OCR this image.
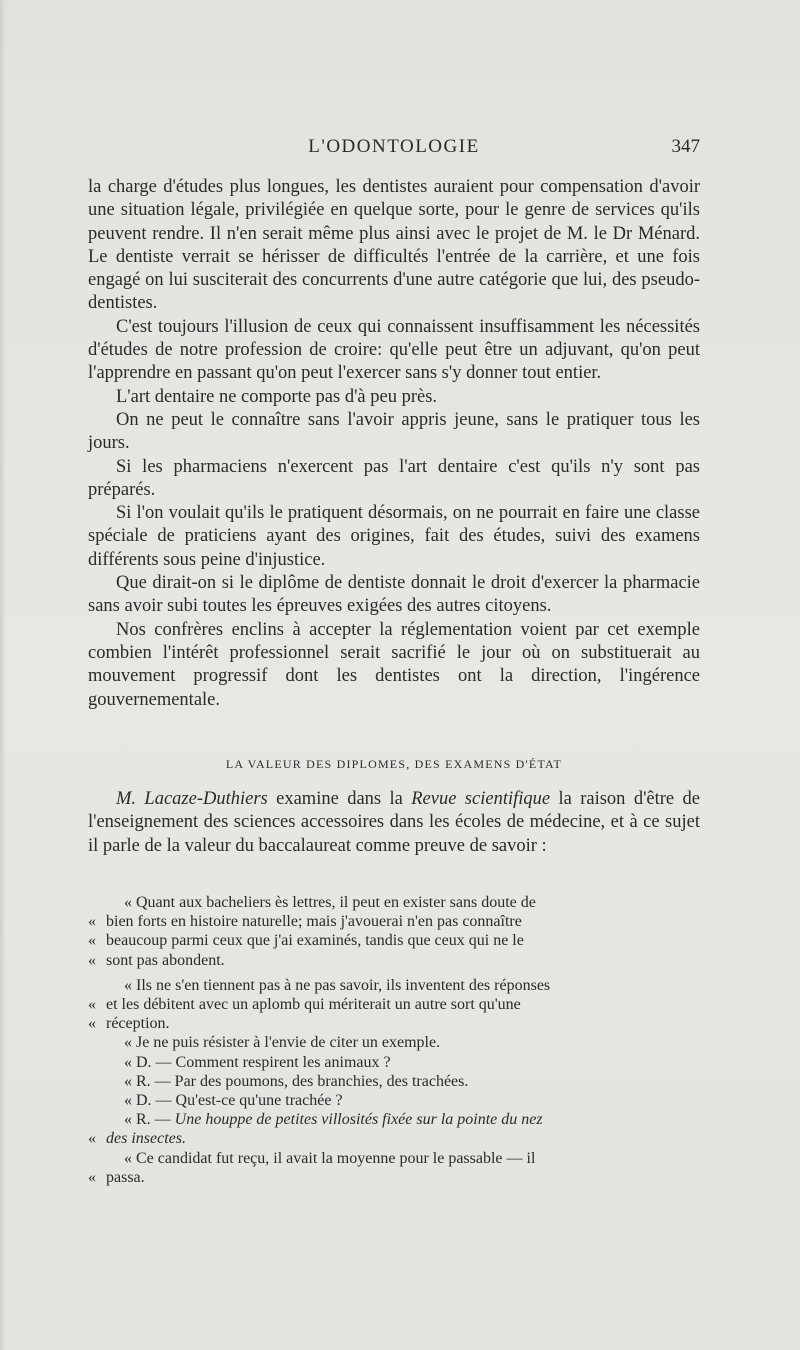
L'ODONTOLOGIE	347

la charge d'études plus longues, les dentistes auraient pour compensation d'avoir une situation légale, privilégiée en quelque sorte, pour le genre de services qu'ils peuvent rendre. Il n'en serait même plus ainsi avec le projet de M. le Dr Ménard. Le dentiste verrait se hérisser de difficultés l'entrée de la carrière, et une fois engagé on lui susciterait des concurrents d'une autre catégorie que lui, des pseudo-dentistes.

C'est toujours l'illusion de ceux qui connaissent insuffisamment les nécessités d'études de notre profession de croire: qu'elle peut être un adjuvant, qu'on peut l'apprendre en passant qu'on peut l'exercer sans s'y donner tout entier.

L'art dentaire ne comporte pas d'à peu près.

On ne peut le connaître sans l'avoir appris jeune, sans le pratiquer tous les jours.

Si les pharmaciens n'exercent pas l'art dentaire c'est qu'ils n'y sont pas préparés.

Si l'on voulait qu'ils le pratiquent désormais, on ne pourrait en faire une classe spéciale de praticiens ayant des origines, fait des études, suivi des examens différents sous peine d'injustice.

Que dirait-on si le diplôme de dentiste donnait le droit d'exercer la pharmacie sans avoir subi toutes les épreuves exigées des autres citoyens.

Nos confrères enclins à accepter la réglementation voient par cet exemple combien l'intérêt professionnel serait sacrifié le jour où on substituerait au mouvement progressif dont les dentistes ont la direction, l'ingérence gouvernementale.

LA VALEUR DES DIPLOMES, DES EXAMENS D'ÉTAT

M. Lacaze-Duthiers examine dans la Revue scientifique la raison d'être de l'enseignement des sciences accessoires dans les écoles de médecine, et à ce sujet il parle de la valeur du baccalaureat comme preuve de savoir :

« Quant aux bacheliers ès lettres, il peut en exister sans doute de
« bien forts en histoire naturelle; mais j'avouerai n'en pas connaître
« beaucoup parmi ceux que j'ai examinés, tandis que ceux qui ne le
« sont pas abondent.
« Ils ne s'en tiennent pas à ne pas savoir, ils inventent des réponses
« et les débitent avec un aplomb qui mériterait un autre sort qu'une
« réception.
« Je ne puis résister à l'envie de citer un exemple.
« D. — Comment respirent les animaux ?
« R. — Par des poumons, des branchies, des trachées.
« D. — Qu'est-ce qu'une trachée ?
« R. — Une houppe de petites villosités fixée sur la pointe du nez
« des insectes.
« Ce candidat fut reçu, il avait la moyenne pour le passable — il
« passa.
